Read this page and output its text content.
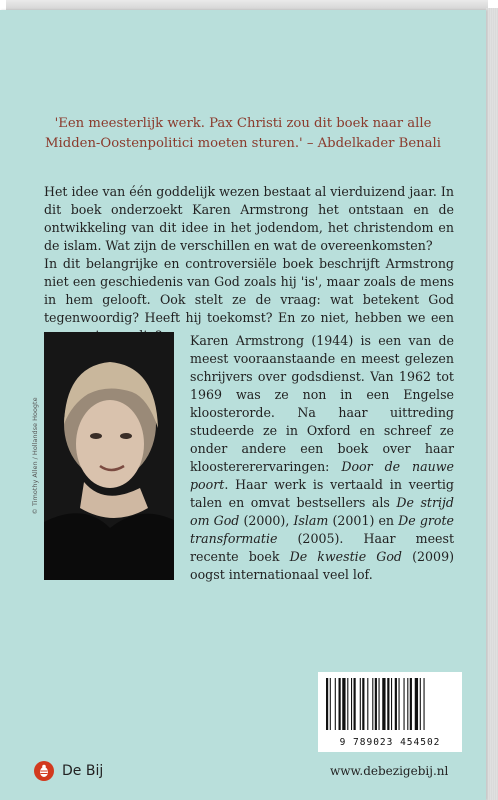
'Een meesterlijk werk. Pax Christi zou dit boek naar alle
Midden-Oostenpolitici moeten sturen.' – Abdelkader Benali

Het idee van één goddelijk wezen bestaat al vierduizend jaar. In dit boek onderzoekt Karen Armstrong het ontstaan en de ontwikkeling van dit idee in het jodendom, het christendom en de islam. Wat zijn de verschillen en wat de overeenkomsten?

In dit belangrijke en controversiële boek beschrijft Armstrong niet een geschiedenis van God zoals hij 'is', maar zoals de mens in hem gelooft. Ook stelt ze de vraag: wat betekent God tegenwoordig? Heeft hij toekomst? En zo niet, hebben we een

© Timothy Allen / Hollandse Hoogte

Karen Armstrong (1944) is een van de meest vooraanstaande en meest gelezen schrijvers over godsdienst. Van 1962 tot 1969 was ze non in een Engelse kloosterorde. Na haar uittreding studeerde ze in Oxford en schreef ze onder andere een boek over haar kloostererervaringen: Door de nauwe poort. Haar werk is vertaald in veertig talen en omvat bestsellers als De strijd om God (2000), Islam (2001) en De grote transformatie (2005). Haar meest recente boek De kwestie God (2009) oogst internationaal veel lof.

9 789023 454502
De Bij	www.debezigebij.nl
